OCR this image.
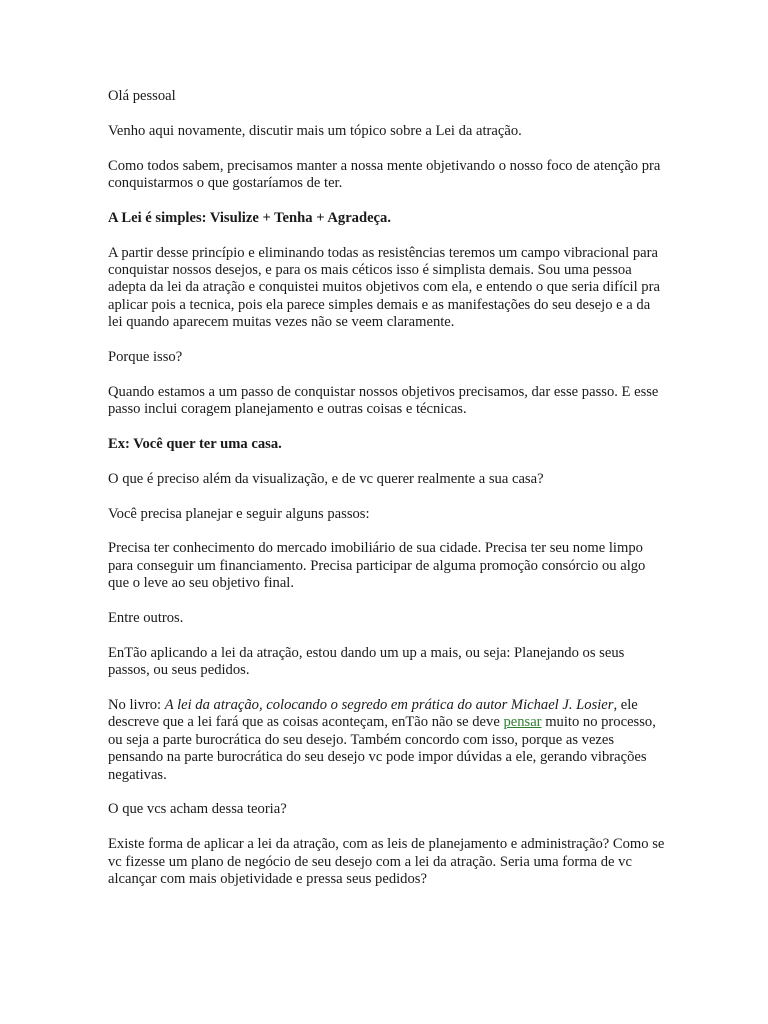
Olá pessoal

Venho aqui novamente, discutir mais um tópico sobre a Lei da atração.

Como todos sabem, precisamos manter a nossa mente objetivando o nosso foco de atenção pra conquistarmos o que gostaríamos de ter.

A Lei é simples: Visulize + Tenha + Agradeça.

A partir desse princípio e eliminando todas as resistências teremos um campo vibracional para conquistar nossos desejos, e para os mais céticos isso é simplista demais. Sou uma pessoa adepta da lei da atração e conquistei muitos objetivos com ela, e entendo o que seria difícil pra aplicar pois a tecnica, pois ela parece simples demais e as manifestações do seu desejo e a da lei quando aparecem muitas vezes não se veem claramente.

Porque isso?

Quando estamos a um passo de conquistar nossos objetivos precisamos, dar esse passo. E esse passo inclui coragem planejamento e outras coisas e técnicas.

Ex: Você quer ter uma casa.

O que é preciso além da visualização, e de vc querer realmente a sua casa?

Você precisa planejar e seguir alguns passos:

Precisa ter conhecimento do mercado imobiliário de sua cidade. Precisa ter seu nome limpo para conseguir um financiamento. Precisa participar de alguma promoção consórcio ou algo que o leve ao seu objetivo final.

Entre outros.

EnTão aplicando a lei da atração, estou dando um up a mais, ou seja: Planejando os seus passos, ou seus pedidos.

No livro: A lei da atração, colocando o segredo em prática do autor Michael J. Losier, ele descreve que a lei fará que as coisas aconteçam, enTão não se deve pensar muito no processo, ou seja a parte burocrática do seu desejo. Também concordo com isso, porque as vezes pensando na parte burocrática do seu desejo vc pode impor dúvidas a ele, gerando vibrações negativas.

O que vcs acham dessa teoria?

Existe forma de aplicar a lei da atração, com as leis de planejamento e administração? Como se vc fizesse um plano de negócio de seu desejo com a lei da atração. Seria uma forma de vc alcançar com mais objetividade e pressa seus pedidos?
